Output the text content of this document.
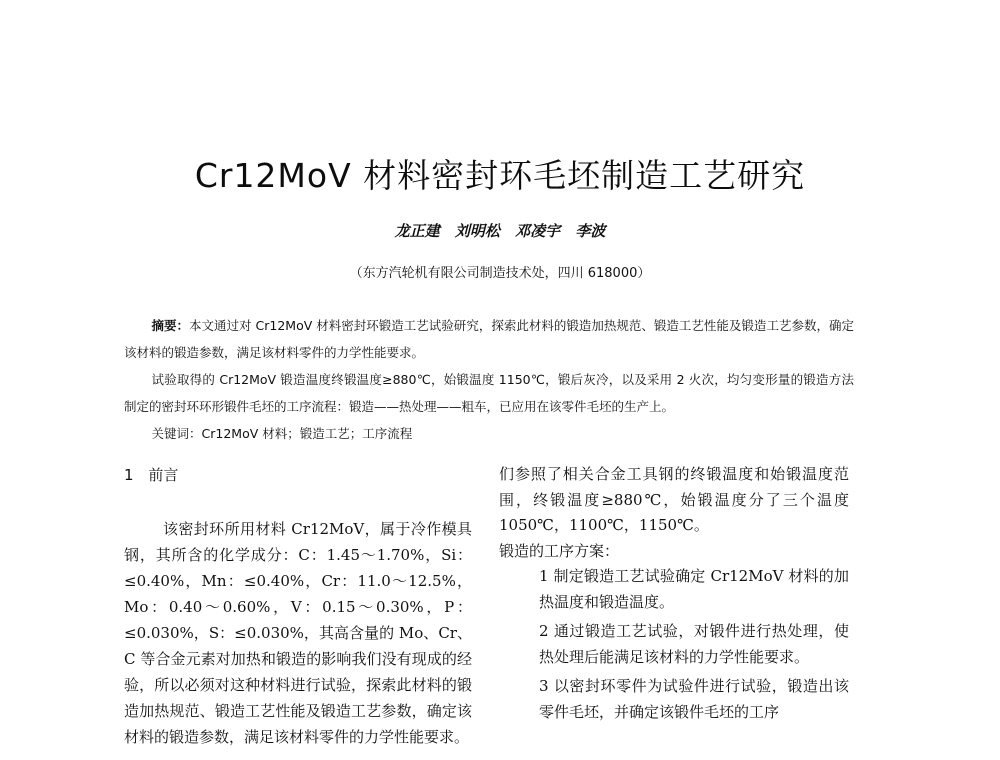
Cr12MoV 材料密封环毛坯制造工艺研究
龙正建 刘明松 邓凌宇 李波
（东方汽轮机有限公司制造技术处，四川 618000）

摘要：本文通过对 Cr12MoV 材料密封环锻造工艺试验研究，探索此材料的锻造加热规范、锻造工艺性能及锻造工艺参数，确定该材料的锻造参数，满足该材料零件的力学性能要求。

试验取得的 Cr12MoV 锻造温度终锻温度≥880℃，始锻温度 1150℃，锻后灰冷，以及采用 2 火次，均匀变形量的锻造方法制定的密封环环形锻件毛坯的工序流程：锻造——热处理——粗车，已应用在该零件毛坯的生产上。

关键词：Cr12MoV 材料；锻造工艺；工序流程

1 前言

该密封环所用材料 Cr12MoV，属于冷作模具钢，其所含的化学成分：C：1.45～1.70%，Si：≤0.40%，Mn：≤0.40%，Cr：11.0～12.5%，Mo：0.40～0.60%，V：0.15～0.30%，P：≤0.030%，S：≤0.030%，其高含量的 Mo、Cr、C 等合金元素对加热和锻造的影响我们没有现成的经验，所以必须对这种材料进行试验，探索此材料的锻造加热规范、锻造工艺性能及锻造工艺参数，确定该材料的锻造参数，满足该材料零件的力学性能要求。

们参照了相关合金工具钢的终锻温度和始锻温度范围，终锻温度≥880℃，始锻温度分了三个温度 1050℃，1100℃，1150℃。

锻造的工序方案：

1 制定锻造工艺试验确定 Cr12MoV 材料的加热温度和锻造温度。

2 通过锻造工艺试验，对锻件进行热处理，使热处理后能满足该材料的力学性能要求。

3 以密封环零件为试验件进行试验，锻造出该零件毛坯，并确定该锻件毛坯的工序
